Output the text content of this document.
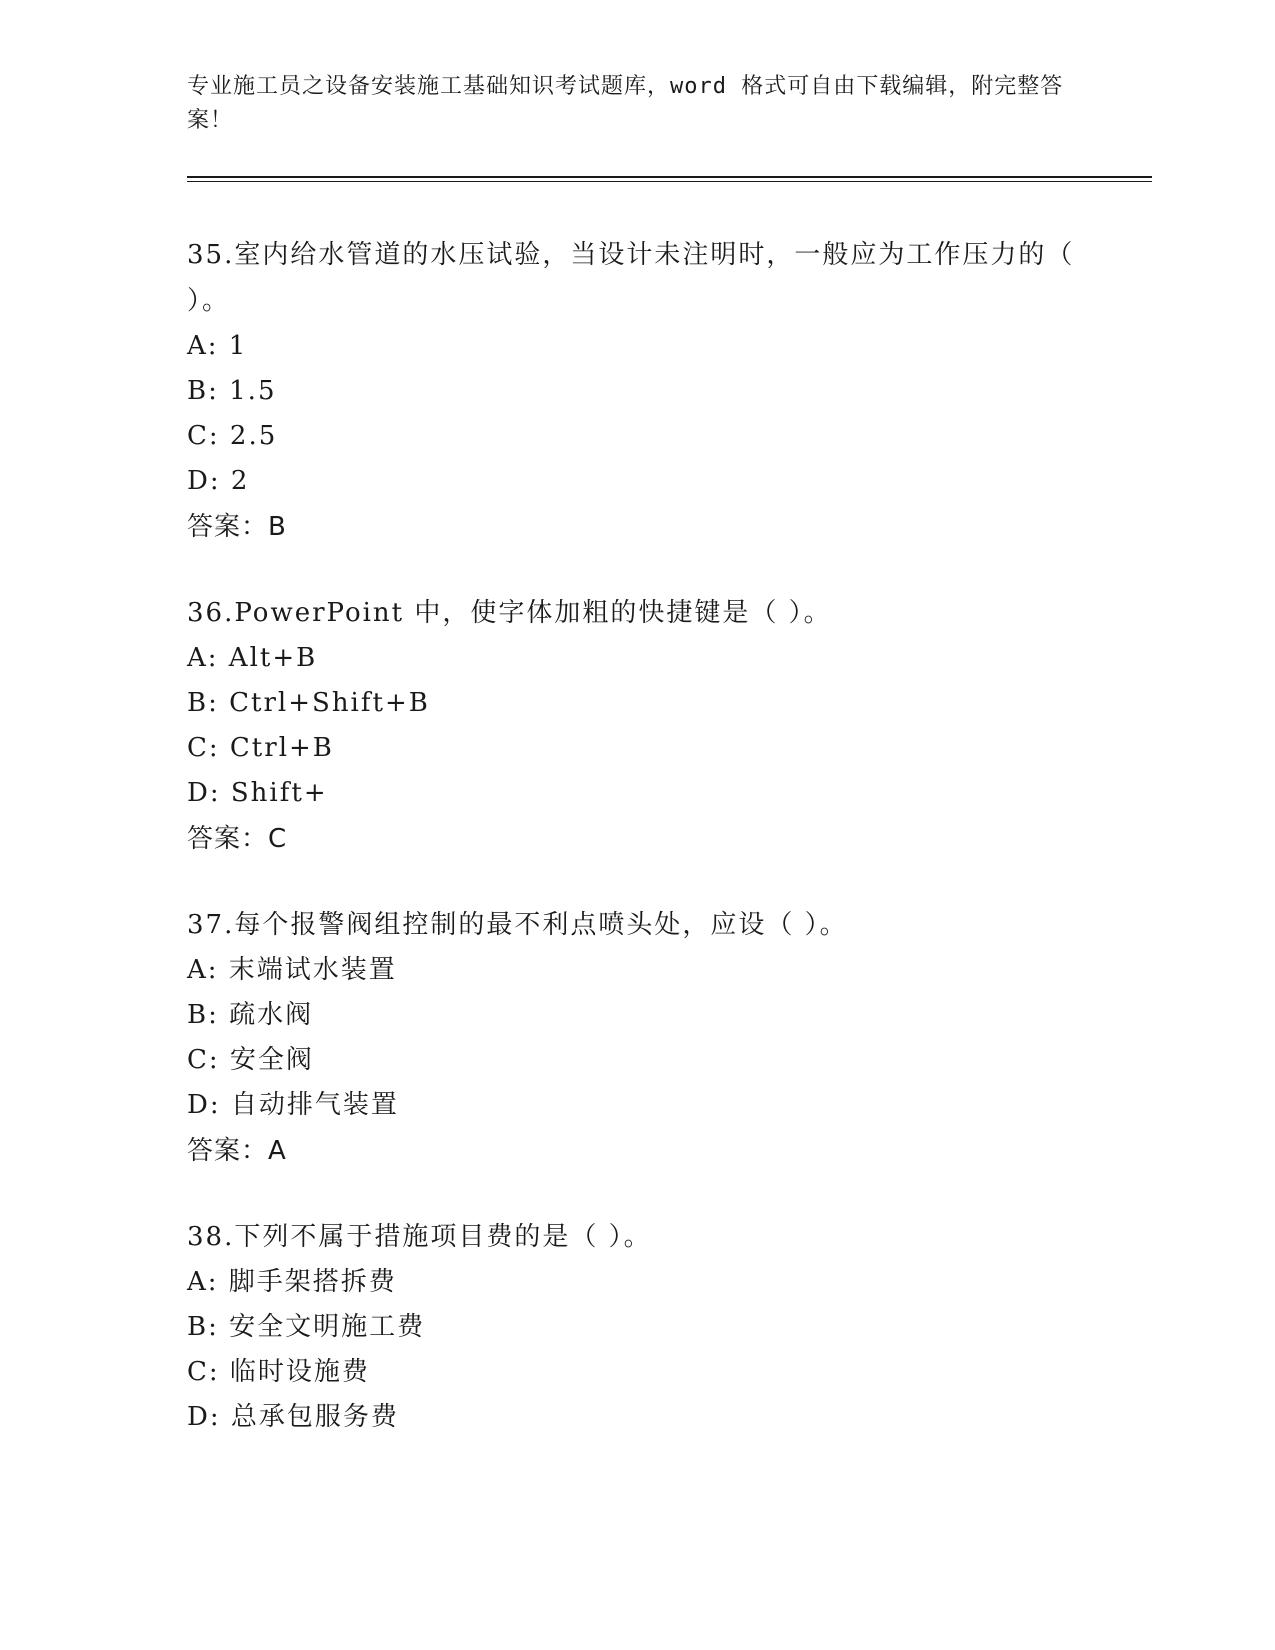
专业施工员之设备安装施工基础知识考试题库，word 格式可自由下载编辑，附完整答案！

35.室内给水管道的水压试验，当设计未注明时，一般应为工作压力的（ ）。

A: 1

B: 1.5

C: 2.5

D: 2

答案：B

36.PowerPoint 中，使字体加粗的快捷键是（ ）。

A: Alt+B

B: Ctrl+Shift+B

C: Ctrl+B

D: Shift+

答案：C

37.每个报警阀组控制的最不利点喷头处，应设（ ）。

A: 末端试水装置

B: 疏水阀

C: 安全阀

D: 自动排气装置

答案：A

38.下列不属于措施项目费的是（ ）。

A: 脚手架搭拆费

B: 安全文明施工费

C: 临时设施费

D: 总承包服务费
